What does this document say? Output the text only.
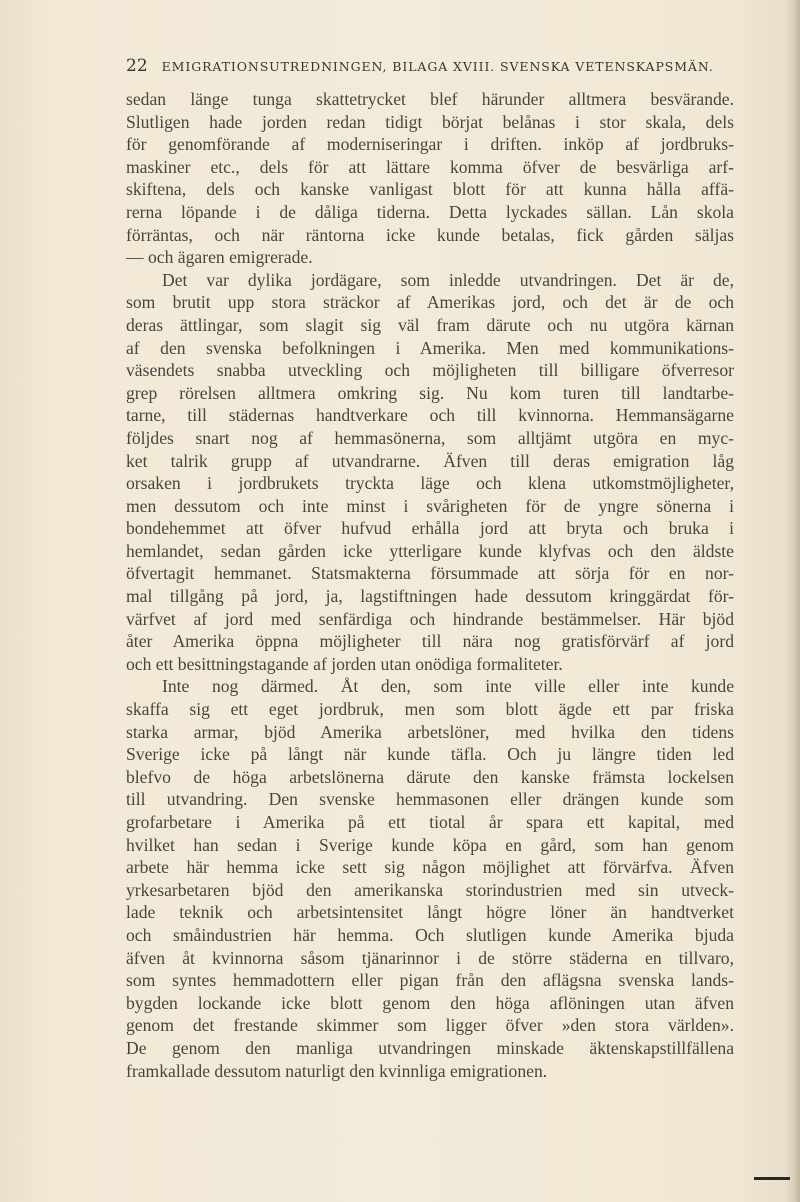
22 EMIGRATIONSUTREDNINGEN, BILAGA XVIII. SVENSKA VETENSKAPSMÄN.
sedan länge tunga skattetrycket blef härunder alltmera besvärande.
Slutligen hade jorden redan tidigt börjat belånas i stor skala, dels
för genomförande af moderniseringar i driften. inköp af jordbruks-
maskiner etc., dels för att lättare komma öfver de besvärliga arf-
skiftena, dels och kanske vanligast blott för att kunna hålla affä-
rerna löpande i de dåliga tiderna. Detta lyckades sällan. Lån skola
förräntas, och när räntorna icke kunde betalas, fick gården säljas
— och ägaren emigrerade.
Det var dylika jordägare, som inledde utvandringen. Det är de,
som brutit upp stora sträckor af Amerikas jord, och det är de och
deras ättlingar, som slagit sig väl fram därute och nu utgöra kärnan
af den svenska befolkningen i Amerika. Men med kommunikations-
väsendets snabba utveckling och möjligheten till billigare öfverresor
grep rörelsen alltmera omkring sig. Nu kom turen till landtarbe-
tarne, till städernas handtverkare och till kvinnorna. Hemmansägarne
följdes snart nog af hemmasönerna, som alltjämt utgöra en myc-
ket talrik grupp af utvandrarne. Äfven till deras emigration låg
orsaken i jordbrukets tryckta läge och klena utkomstmöjligheter,
men dessutom och inte minst i svårigheten för de yngre sönerna i
bondehemmet att öfver hufvud erhålla jord att bryta och bruka i
hemlandet, sedan gården icke ytterligare kunde klyfvas och den äldste
öfvertagit hemmanet. Statsmakterna försummade att sörja för en nor-
mal tillgång på jord, ja, lagstiftningen hade dessutom kringgärdat för-
värfvet af jord med senfärdiga och hindrande bestämmelser. Här bjöd
åter Amerika öppna möjligheter till nära nog gratisförvärf af jord
och ett besittningstagande af jorden utan onödiga formaliteter.
Inte nog därmed. Åt den, som inte ville eller inte kunde
skaffa sig ett eget jordbruk, men som blott ägde ett par friska
starka armar, bjöd Amerika arbetslöner, med hvilka den tidens
Sverige icke på långt när kunde täfla. Och ju längre tiden led
blefvo de höga arbetslönerna därute den kanske främsta lockelsen
till utvandring. Den svenske hemmasonen eller drängen kunde som
grofarbetare i Amerika på ett tiotal år spara ett kapital, med
hvilket han sedan i Sverige kunde köpa en gård, som han genom
arbete här hemma icke sett sig någon möjlighet att förvärfva. Äfven
yrkesarbetaren bjöd den amerikanska storindustrien med sin utveck-
lade teknik och arbetsintensitet långt högre löner än handtverket
och småindustrien här hemma. Och slutligen kunde Amerika bjuda
äfven åt kvinnorna såsom tjänarinnor i de större städerna en tillvaro,
som syntes hemmadottern eller pigan från den aflägsna svenska lands-
bygden lockande icke blott genom den höga aflöningen utan äfven
genom det frestande skimmer som ligger öfver »den stora världen».
De genom den manliga utvandringen minskade äktenskapstillfällena
framkallade dessutom naturligt den kvinnliga emigrationen.
